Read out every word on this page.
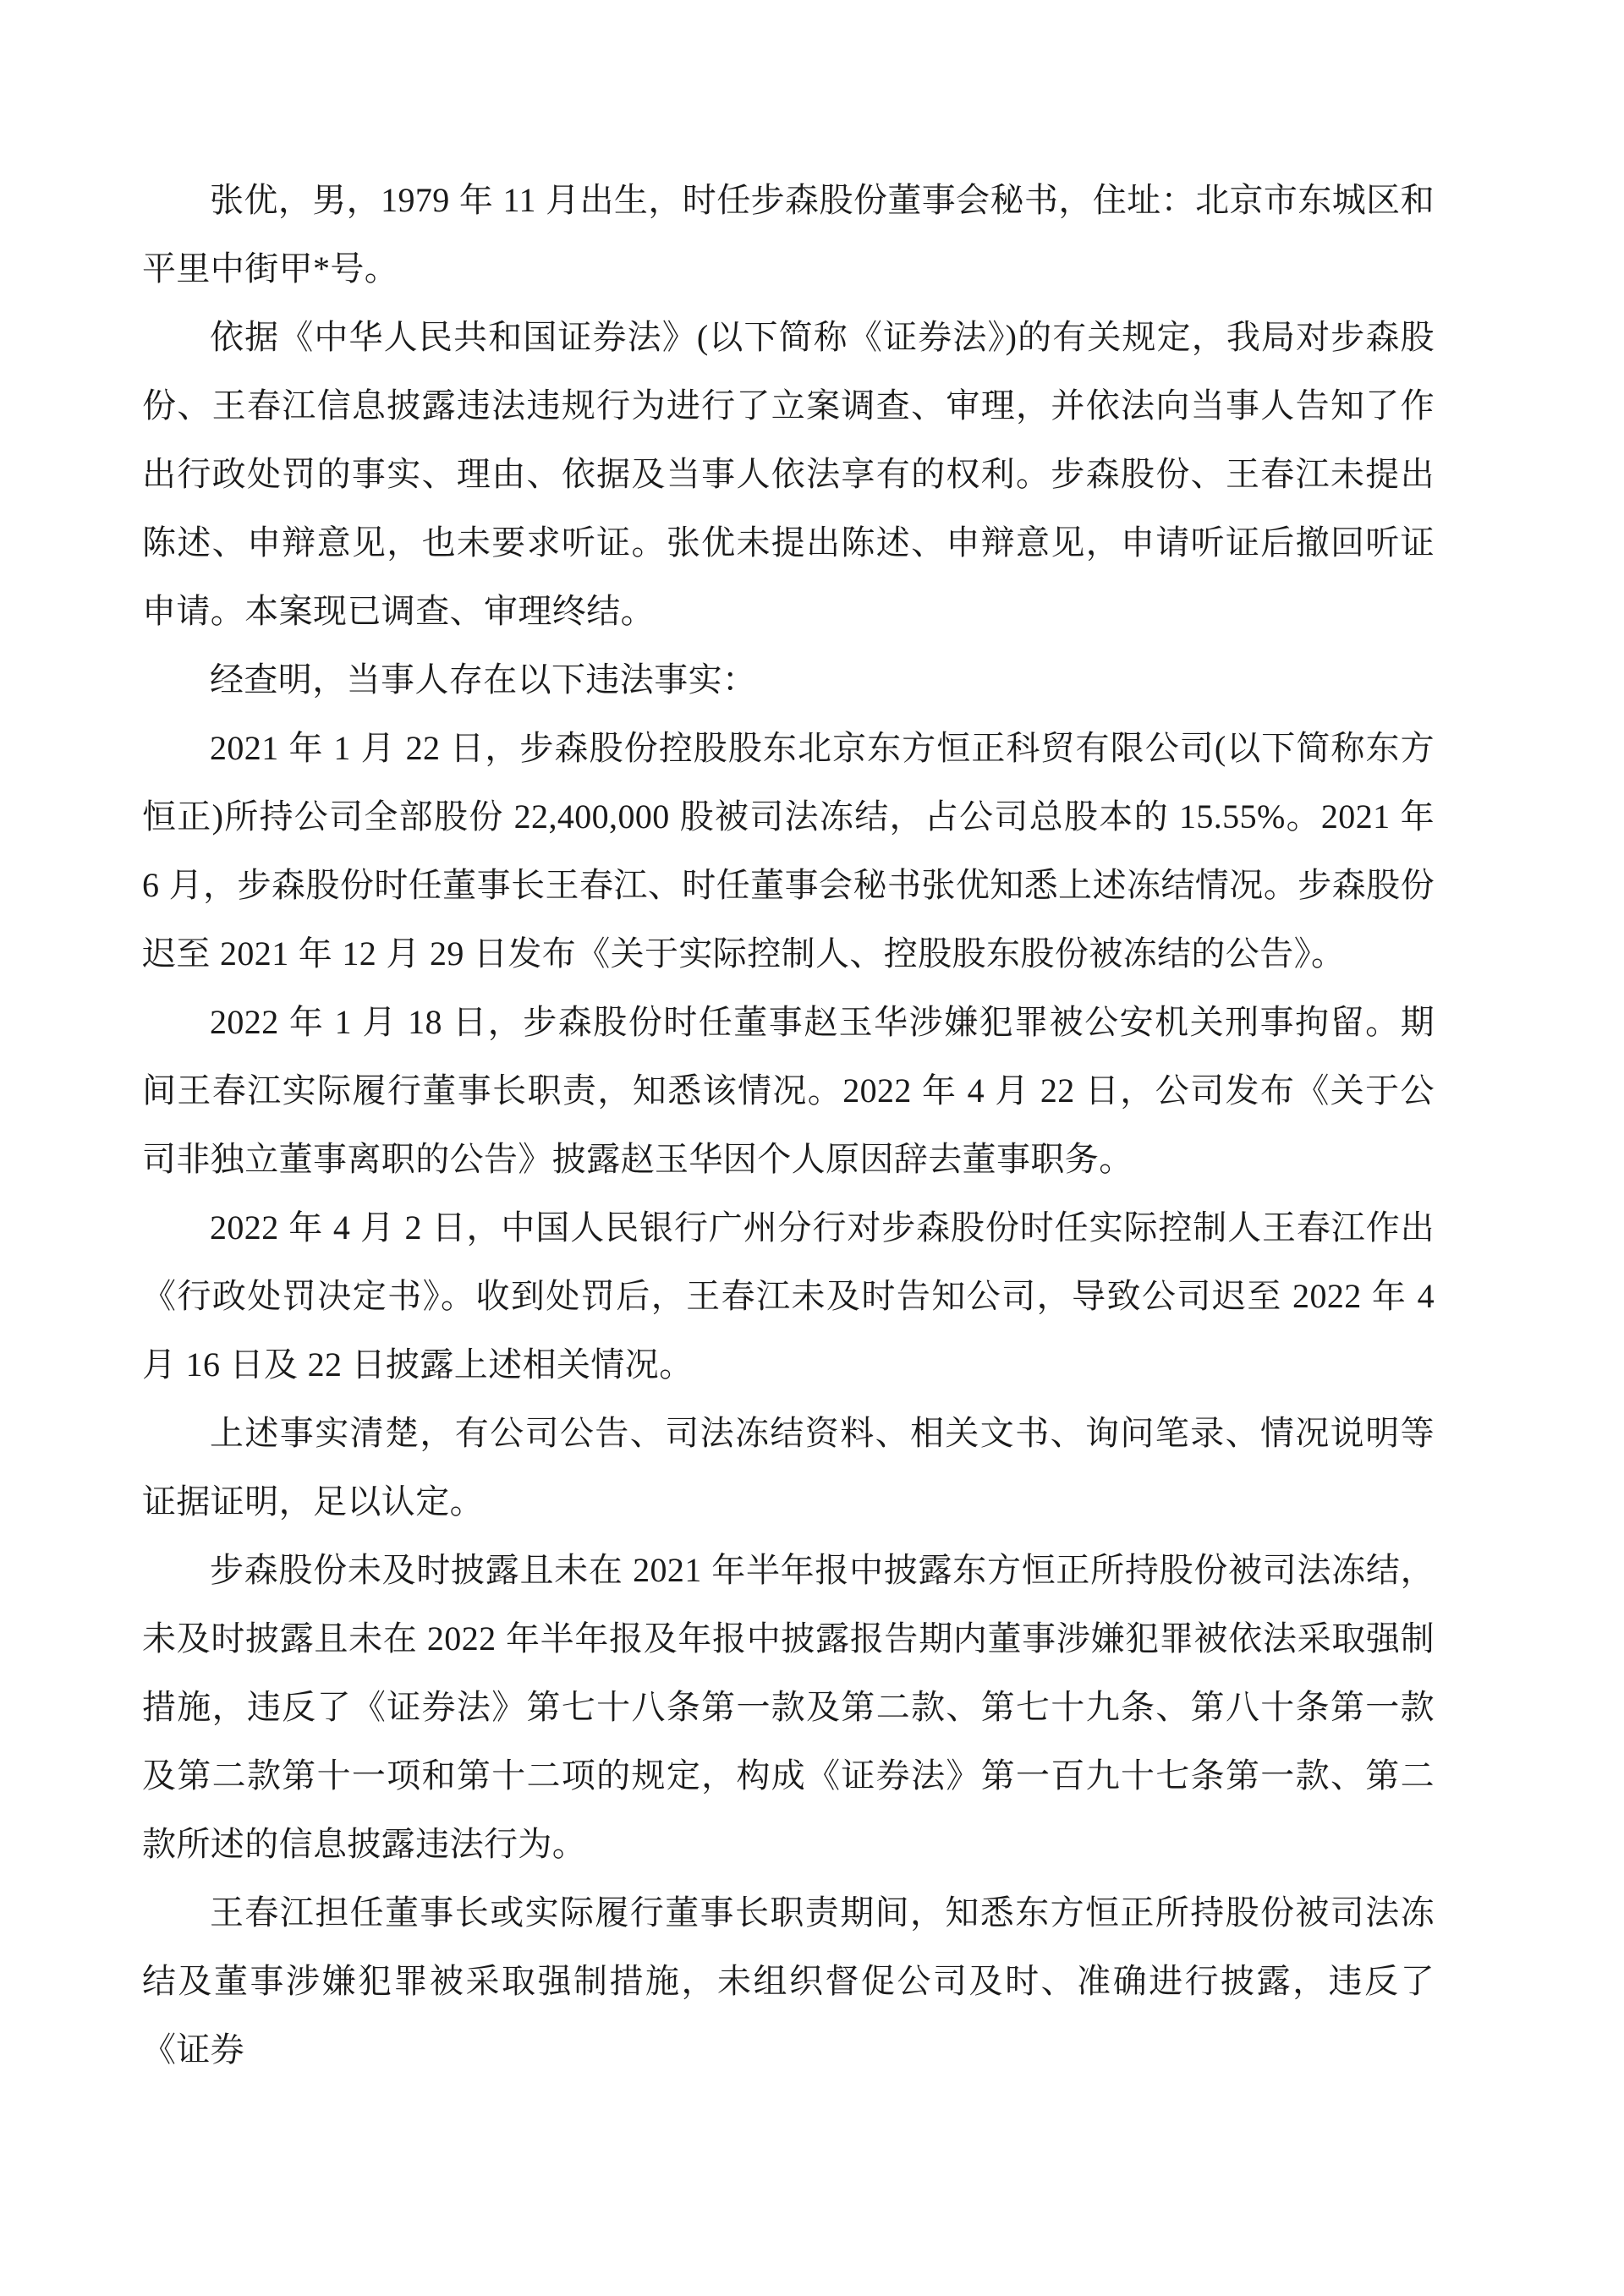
张优，男，1979 年 11 月出生，时任步森股份董事会秘书，住址：北京市东城区和平里中街甲*号。

依据《中华人民共和国证券法》(以下简称《证券法》)的有关规定，我局对步森股份、王春江信息披露违法违规行为进行了立案调查、审理，并依法向当事人告知了作出行政处罚的事实、理由、依据及当事人依法享有的权利。步森股份、王春江未提出陈述、申辩意见，也未要求听证。张优未提出陈述、申辩意见，申请听证后撤回听证申请。本案现已调查、审理终结。

经查明，当事人存在以下违法事实：

2021 年 1 月 22 日，步森股份控股股东北京东方恒正科贸有限公司(以下简称东方恒正)所持公司全部股份 22,400,000 股被司法冻结，占公司总股本的 15.55%。2021 年 6 月，步森股份时任董事长王春江、时任董事会秘书张优知悉上述冻结情况。步森股份迟至 2021 年 12 月 29 日发布《关于实际控制人、控股股东股份被冻结的公告》。

2022 年 1 月 18 日，步森股份时任董事赵玉华涉嫌犯罪被公安机关刑事拘留。期间王春江实际履行董事长职责，知悉该情况。2022 年 4 月 22 日，公司发布《关于公司非独立董事离职的公告》披露赵玉华因个人原因辞去董事职务。

2022 年 4 月 2 日，中国人民银行广州分行对步森股份时任实际控制人王春江作出《行政处罚决定书》。收到处罚后，王春江未及时告知公司，导致公司迟至 2022 年 4 月 16 日及 22 日披露上述相关情况。

上述事实清楚，有公司公告、司法冻结资料、相关文书、询问笔录、情况说明等证据证明，足以认定。

步森股份未及时披露且未在 2021 年半年报中披露东方恒正所持股份被司法冻结，未及时披露且未在 2022 年半年报及年报中披露报告期内董事涉嫌犯罪被依法采取强制措施，违反了《证券法》第七十八条第一款及第二款、第七十九条、第八十条第一款及第二款第十一项和第十二项的规定，构成《证券法》第一百九十七条第一款、第二款所述的信息披露违法行为。

王春江担任董事长或实际履行董事长职责期间，知悉东方恒正所持股份被司法冻结及董事涉嫌犯罪被采取强制措施，未组织督促公司及时、准确进行披露，违反了《证券
